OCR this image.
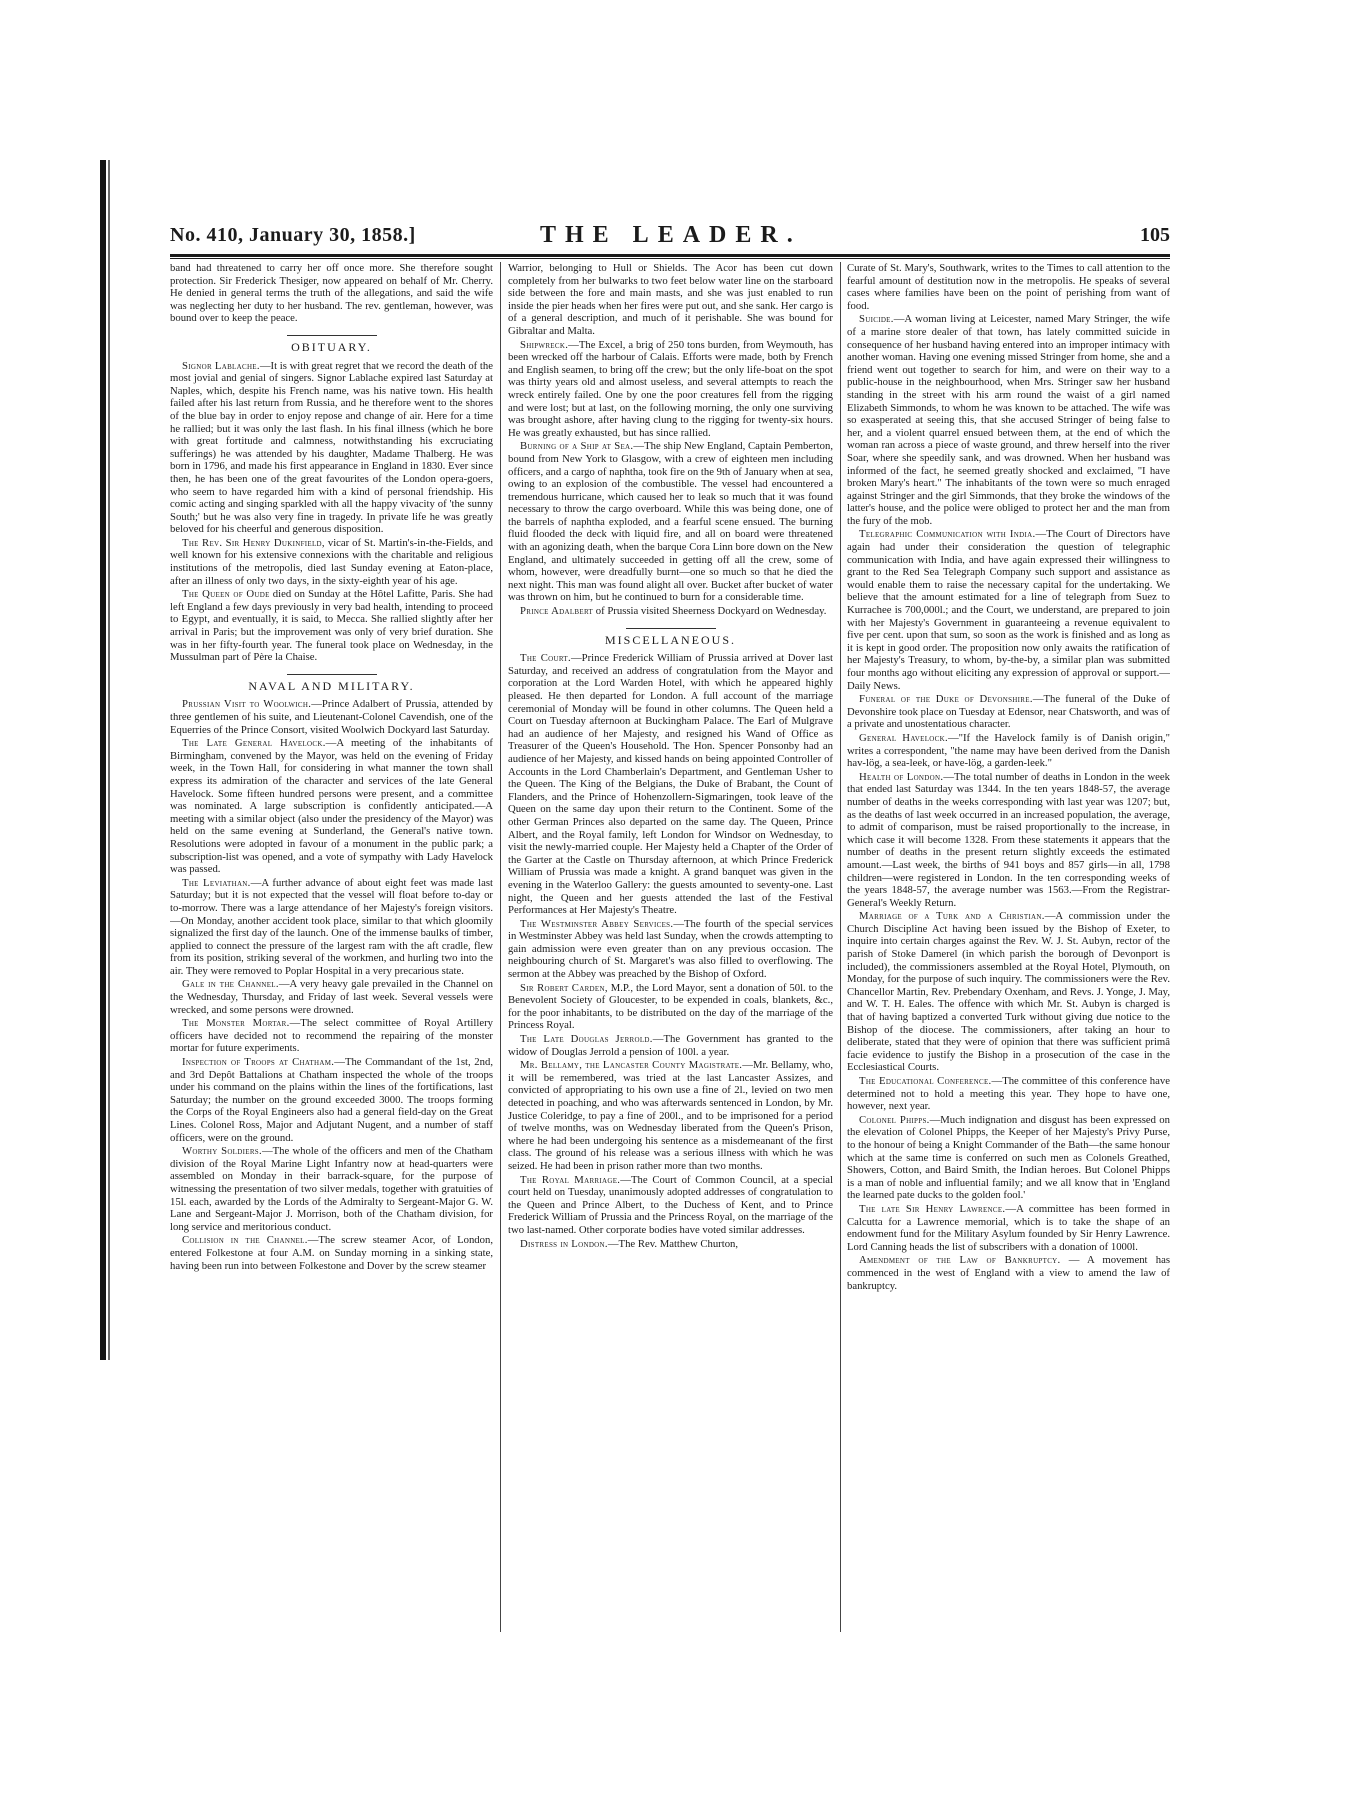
No. 410, January 30, 1858.]	THE LEADER.	105

band had threatened to carry her off once more. She therefore sought protection. Sir Frederick Thesiger, now appeared on behalf of Mr. Cherry. He denied in general terms the truth of the allegations, and said the wife was neglecting her duty to her husband. The rev. gentleman, however, was bound over to keep the peace.

OBITUARY.

Signor Lablache.—It is with great regret that we record the death of the most jovial and genial of singers. Signor Lablache expired last Saturday at Naples, which, despite his French name, was his native town. His health failed after his last return from Russia, and he therefore went to the shores of the blue bay in order to enjoy repose and change of air. Here for a time he rallied; but it was only the last flash. In his final illness (which he bore with great fortitude and calmness, notwithstanding his excruciating sufferings) he was attended by his daughter, Madame Thalberg. He was born in 1796, and made his first appearance in England in 1830. Ever since then, he has been one of the great favourites of the London opera-goers, who seem to have regarded him with a kind of personal friendship. His comic acting and singing sparkled with all the happy vivacity of 'the sunny South;' but he was also very fine in tragedy. In private life he was greatly beloved for his cheerful and generous disposition.

The Rev. Sir Henry Dukinfield, vicar of St. Martin's-in-the-Fields, and well known for his extensive connexions with the charitable and religious institutions of the metropolis, died last Sunday evening at Eaton-place, after an illness of only two days, in the sixty-eighth year of his age.

The Queen of Oude died on Sunday at the Hôtel Lafitte, Paris. She had left England a few days previously in very bad health, intending to proceed to Egypt, and eventually, it is said, to Mecca. She rallied slightly after her arrival in Paris; but the improvement was only of very brief duration. She was in her fifty-fourth year. The funeral took place on Wednesday, in the Mussulman part of Père la Chaise.

NAVAL AND MILITARY.

Prussian Visit to Woolwich.—Prince Adalbert of Prussia, attended by three gentlemen of his suite, and Lieutenant-Colonel Cavendish, one of the Equerries of the Prince Consort, visited Woolwich Dockyard last Saturday.

The Late General Havelock.—A meeting of the inhabitants of Birmingham, convened by the Mayor, was held on the evening of Friday week, in the Town Hall, for considering in what manner the town shall express its admiration of the character and services of the late General Havelock. Some fifteen hundred persons were present, and a committee was nominated. A large subscription is confidently anticipated.—A meeting with a similar object (also under the presidency of the Mayor) was held on the same evening at Sunderland, the General's native town. Resolutions were adopted in favour of a monument in the public park; a subscription-list was opened, and a vote of sympathy with Lady Havelock was passed.

The Leviathan.—A further advance of about eight feet was made last Saturday; but it is not expected that the vessel will float before to-day or to-morrow. There was a large attendance of her Majesty's foreign visitors. —On Monday, another accident took place, similar to that which gloomily signalized the first day of the launch. One of the immense baulks of timber, applied to connect the pressure of the largest ram with the aft cradle, flew from its position, striking several of the workmen, and hurling two into the air. They were removed to Poplar Hospital in a very precarious state.

Gale in the Channel.—A very heavy gale prevailed in the Channel on the Wednesday, Thursday, and Friday of last week. Several vessels were wrecked, and some persons were drowned.

The Monster Mortar.—The select committee of Royal Artillery officers have decided not to recommend the repairing of the monster mortar for future experiments.

Inspection of Troops at Chatham.—The Commandant of the 1st, 2nd, and 3rd Depôt Battalions at Chatham inspected the whole of the troops under his command on the plains within the lines of the fortifications, last Saturday; the number on the ground exceeded 3000. The troops forming the Corps of the Royal Engineers also had a general field-day on the Great Lines. Colonel Ross, Major and Adjutant Nugent, and a number of staff officers, were on the ground.

Worthy Soldiers.—The whole of the officers and men of the Chatham division of the Royal Marine Light Infantry now at head-quarters were assembled on Monday in their barrack-square, for the purpose of witnessing the presentation of two silver medals, together with gratuities of 15l. each, awarded by the Lords of the Admiralty to Sergeant-Major G. W. Lane and Sergeant-Major J. Morrison, both of the Chatham division, for long service and meritorious conduct.

Collision in the Channel.—The screw steamer Acor, of London, entered Folkestone at four A.M. on Sunday morning in a sinking state, having been run into between Folkestone and Dover by the screw steamer

Warrior, belonging to Hull or Shields. The Acor has been cut down completely from her bulwarks to two feet below water line on the starboard side between the fore and main masts, and she was just enabled to run inside the pier heads when her fires were put out, and she sank. Her cargo is of a general description, and much of it perishable. She was bound for Gibraltar and Malta.

Shipwreck.—The Excel, a brig of 250 tons burden, from Weymouth, has been wrecked off the harbour of Calais. Efforts were made, both by French and English seamen, to bring off the crew; but the only life-boat on the spot was thirty years old and almost useless, and several attempts to reach the wreck entirely failed. One by one the poor creatures fell from the rigging and were lost; but at last, on the following morning, the only one surviving was brought ashore, after having clung to the rigging for twenty-six hours. He was greatly exhausted, but has since rallied.

Burning of a Ship at Sea.—The ship New England, Captain Pemberton, bound from New York to Glasgow, with a crew of eighteen men including officers, and a cargo of naphtha, took fire on the 9th of January when at sea, owing to an explosion of the combustible. The vessel had encountered a tremendous hurricane, which caused her to leak so much that it was found necessary to throw the cargo overboard. While this was being done, one of the barrels of naphtha exploded, and a fearful scene ensued. The burning fluid flooded the deck with liquid fire, and all on board were threatened with an agonizing death, when the barque Cora Linn bore down on the New England, and ultimately succeeded in getting off all the crew, some of whom, however, were dreadfully burnt—one so much so that he died the next night. This man was found alight all over. Bucket after bucket of water was thrown on him, but he continued to burn for a considerable time.

Prince Adalbert of Prussia visited Sheerness Dockyard on Wednesday.

MISCELLANEOUS.

The Court.—Prince Frederick William of Prussia arrived at Dover last Saturday, and received an address of congratulation from the Mayor and corporation at the Lord Warden Hotel, with which he appeared highly pleased. He then departed for London. A full account of the marriage ceremonial of Monday will be found in other columns. The Queen held a Court on Tuesday afternoon at Buckingham Palace. The Earl of Mulgrave had an audience of her Majesty, and resigned his Wand of Office as Treasurer of the Queen's Household. The Hon. Spencer Ponsonby had an audience of her Majesty, and kissed hands on being appointed Controller of Accounts in the Lord Chamberlain's Department, and Gentleman Usher to the Queen. The King of the Belgians, the Duke of Brabant, the Count of Flanders, and the Prince of Hohenzollern-Sigmaringen, took leave of the Queen on the same day upon their return to the Continent. Some of the other German Princes also departed on the same day. The Queen, Prince Albert, and the Royal family, left London for Windsor on Wednesday, to visit the newly-married couple. Her Majesty held a Chapter of the Order of the Garter at the Castle on Thursday afternoon, at which Prince Frederick William of Prussia was made a knight. A grand banquet was given in the evening in the Waterloo Gallery: the guests amounted to seventy-one. Last night, the Queen and her guests attended the last of the Festival Performances at Her Majesty's Theatre.

The Westminster Abbey Services.—The fourth of the special services in Westminster Abbey was held last Sunday, when the crowds attempting to gain admission were even greater than on any previous occasion. The neighbouring church of St. Margaret's was also filled to overflowing. The sermon at the Abbey was preached by the Bishop of Oxford.

Sir Robert Carden, M.P., the Lord Mayor, sent a donation of 50l. to the Benevolent Society of Gloucester, to be expended in coals, blankets, &c., for the poor inhabitants, to be distributed on the day of the marriage of the Princess Royal.

The Late Douglas Jerrold.—The Government has granted to the widow of Douglas Jerrold a pension of 100l. a year.

Mr. Bellamy, the Lancaster County Magistrate.—Mr. Bellamy, who, it will be remembered, was tried at the last Lancaster Assizes, and convicted of appropriating to his own use a fine of 2l., levied on two men detected in poaching, and who was afterwards sentenced in London, by Mr. Justice Coleridge, to pay a fine of 200l., and to be imprisoned for a period of twelve months, was on Wednesday liberated from the Queen's Prison, where he had been undergoing his sentence as a misdemeanant of the first class. The ground of his release was a serious illness with which he was seized. He had been in prison rather more than two months.

The Royal Marriage.—The Court of Common Council, at a special court held on Tuesday, unanimously adopted addresses of congratulation to the Queen and Prince Albert, to the Duchess of Kent, and to Prince Frederick William of Prussia and the Princess Royal, on the marriage of the two last-named. Other corporate bodies have voted similar addresses.

Distress in London.—The Rev. Matthew Churton,

Curate of St. Mary's, Southwark, writes to the Times to call attention to the fearful amount of destitution now in the metropolis. He speaks of several cases where families have been on the point of perishing from want of food.

Suicide.—A woman living at Leicester, named Mary Stringer, the wife of a marine store dealer of that town, has lately committed suicide in consequence of her husband having entered into an improper intimacy with another woman. Having one evening missed Stringer from home, she and a friend went out together to search for him, and were on their way to a public-house in the neighbourhood, when Mrs. Stringer saw her husband standing in the street with his arm round the waist of a girl named Elizabeth Simmonds, to whom he was known to be attached. The wife was so exasperated at seeing this, that she accused Stringer of being false to her, and a violent quarrel ensued between them, at the end of which the woman ran across a piece of waste ground, and threw herself into the river Soar, where she speedily sank, and was drowned. When her husband was informed of the fact, he seemed greatly shocked and exclaimed, "I have broken Mary's heart." The inhabitants of the town were so much enraged against Stringer and the girl Simmonds, that they broke the windows of the latter's house, and the police were obliged to protect her and the man from the fury of the mob.

Telegraphic Communication with India.—The Court of Directors have again had under their consideration the question of telegraphic communication with India, and have again expressed their willingness to grant to the Red Sea Telegraph Company such support and assistance as would enable them to raise the necessary capital for the undertaking. We believe that the amount estimated for a line of telegraph from Suez to Kurrachee is 700,000l.; and the Court, we understand, are prepared to join with her Majesty's Government in guaranteeing a revenue equivalent to five per cent. upon that sum, so soon as the work is finished and as long as it is kept in good order. The proposition now only awaits the ratification of her Majesty's Treasury, to whom, by-the-by, a similar plan was submitted four months ago without eliciting any expression of approval or support.—Daily News.

Funeral of the Duke of Devonshire.—The funeral of the Duke of Devonshire took place on Tuesday at Edensor, near Chatsworth, and was of a private and unostentatious character.

General Havelock.—"If the Havelock family is of Danish origin," writes a correspondent, "the name may have been derived from the Danish hav-lög, a sea-leek, or have-lög, a garden-leek."

Health of London.—The total number of deaths in London in the week that ended last Saturday was 1344. In the ten years 1848-57, the average number of deaths in the weeks corresponding with last year was 1207; but, as the deaths of last week occurred in an increased population, the average, to admit of comparison, must be raised proportionally to the increase, in which case it will become 1328. From these statements it appears that the number of deaths in the present return slightly exceeds the estimated amount.—Last week, the births of 941 boys and 857 girls—in all, 1798 children—were registered in London. In the ten corresponding weeks of the years 1848-57, the average number was 1563.—From the Registrar-General's Weekly Return.

Marriage of a Turk and a Christian.—A commission under the Church Discipline Act having been issued by the Bishop of Exeter, to inquire into certain charges against the Rev. W. J. St. Aubyn, rector of the parish of Stoke Damerel (in which parish the borough of Devonport is included), the commissioners assembled at the Royal Hotel, Plymouth, on Monday, for the purpose of such inquiry. The commissioners were the Rev. Chancellor Martin, Rev. Prebendary Oxenham, and Revs. J. Yonge, J. May, and W. T. H. Eales. The offence with which Mr. St. Aubyn is charged is that of having baptized a converted Turk without giving due notice to the Bishop of the diocese. The commissioners, after taking an hour to deliberate, stated that they were of opinion that there was sufficient primâ facie evidence to justify the Bishop in a prosecution of the case in the Ecclesiastical Courts.

The Educational Conference.—The committee of this conference have determined not to hold a meeting this year. They hope to have one, however, next year.

Colonel Phipps.—Much indignation and disgust has been expressed on the elevation of Colonel Phipps, the Keeper of her Majesty's Privy Purse, to the honour of being a Knight Commander of the Bath—the same honour which at the same time is conferred on such men as Colonels Greathed, Showers, Cotton, and Baird Smith, the Indian heroes. But Colonel Phipps is a man of noble and influential family; and we all know that in 'England the learned pate ducks to the golden fool.'

The late Sir Henry Lawrence.—A committee has been formed in Calcutta for a Lawrence memorial, which is to take the shape of an endowment fund for the Military Asylum founded by Sir Henry Lawrence. Lord Canning heads the list of subscribers with a donation of 1000l.

Amendment of the Law of Bankruptcy. — A movement has commenced in the west of England with a view to amend the law of bankruptcy.
